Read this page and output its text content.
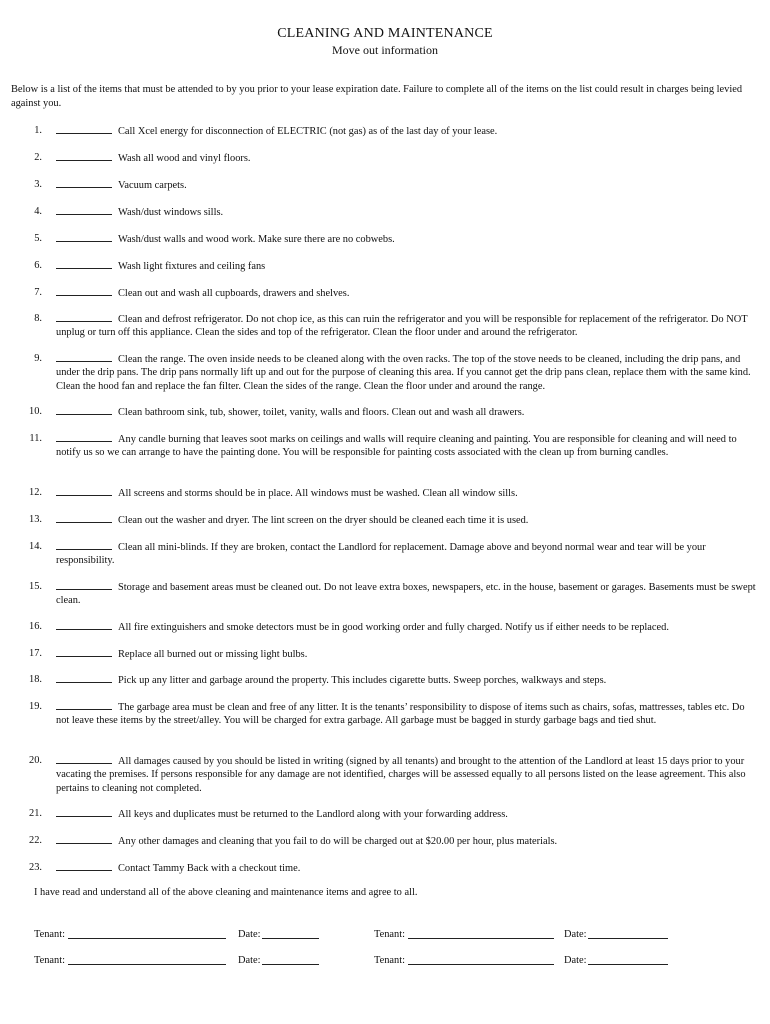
CLEANING AND MAINTENANCE
Move out information
Below is a list of the items that must be attended to by you prior to your lease expiration date. Failure to complete all of the items on the list could result in charges being levied against you.
1.	Call Xcel energy for disconnection of ELECTRIC (not gas) as of the last day of your lease.
2.	Wash all wood and vinyl floors.
3.	Vacuum carpets.
4.	Wash/dust windows sills.
5.	Wash/dust walls and wood work. Make sure there are no cobwebs.
6.	Wash light fixtures and ceiling fans
7.	Clean out and wash all cupboards, drawers and shelves.
8.	Clean and defrost refrigerator. Do not chop ice, as this can ruin the refrigerator and you will be responsible for replacement of the refrigerator. Do NOT unplug or turn off this appliance. Clean the sides and top of the refrigerator. Clean the floor under and around the refrigerator.
9.	Clean the range. The oven inside needs to be cleaned along with the oven racks. The top of the stove needs to be cleaned, including the drip pans, and under the drip pans. The drip pans normally lift up and out for the purpose of cleaning this area. If you cannot get the drip pans clean, replace them with the same kind. Clean the hood fan and replace the fan filter. Clean the sides of the range. Clean the floor under and around the range.
10.	Clean bathroom sink, tub, shower, toilet, vanity, walls and floors. Clean out and wash all drawers.
11.	Any candle burning that leaves soot marks on ceilings and walls will require cleaning and painting. You are responsible for cleaning and will need to notify us so we can arrange to have the painting done. You will be responsible for painting costs associated with the clean up from burning candles.
12.	All screens and storms should be in place. All windows must be washed. Clean all window sills.
13.	Clean out the washer and dryer. The lint screen on the dryer should be cleaned each time it is used.
14.	Clean all mini-blinds. If they are broken, contact the Landlord for replacement. Damage above and beyond normal wear and tear will be your responsibility.
15.	Storage and basement areas must be cleaned out. Do not leave extra boxes, newspapers, etc. in the house, basement or garages. Basements must be swept clean.
16.	All fire extinguishers and smoke detectors must be in good working order and fully charged. Notify us if either needs to be replaced.
17.	Replace all burned out or missing light bulbs.
18.	Pick up any litter and garbage around the property. This includes cigarette butts. Sweep porches, walkways and steps.
19.	The garbage area must be clean and free of any litter. It is the tenants’ responsibility to dispose of items such as chairs, sofas, mattresses, tables etc. Do not leave these items by the street/alley. You will be charged for extra garbage. All garbage must be bagged in sturdy garbage bags and tied shut.
20.	All damages caused by you should be listed in writing (signed by all tenants) and brought to the attention of the Landlord at least 15 days prior to your vacating the premises. If persons responsible for any damage are not identified, charges will be assessed equally to all persons listed on the lease agreement. This also pertains to cleaning not completed.
21.	All keys and duplicates must be returned to the Landlord along with your forwarding address.
22.	Any other damages and cleaning that you fail to do will be charged out at $20.00 per hour, plus materials.
23.	Contact Tammy Back with a checkout time.
I have read and understand all of the above cleaning and maintenance items and agree to all.
Tenant:	Date:	Tenant:	Date:
Tenant:	Date:	Tenant:	Date:
